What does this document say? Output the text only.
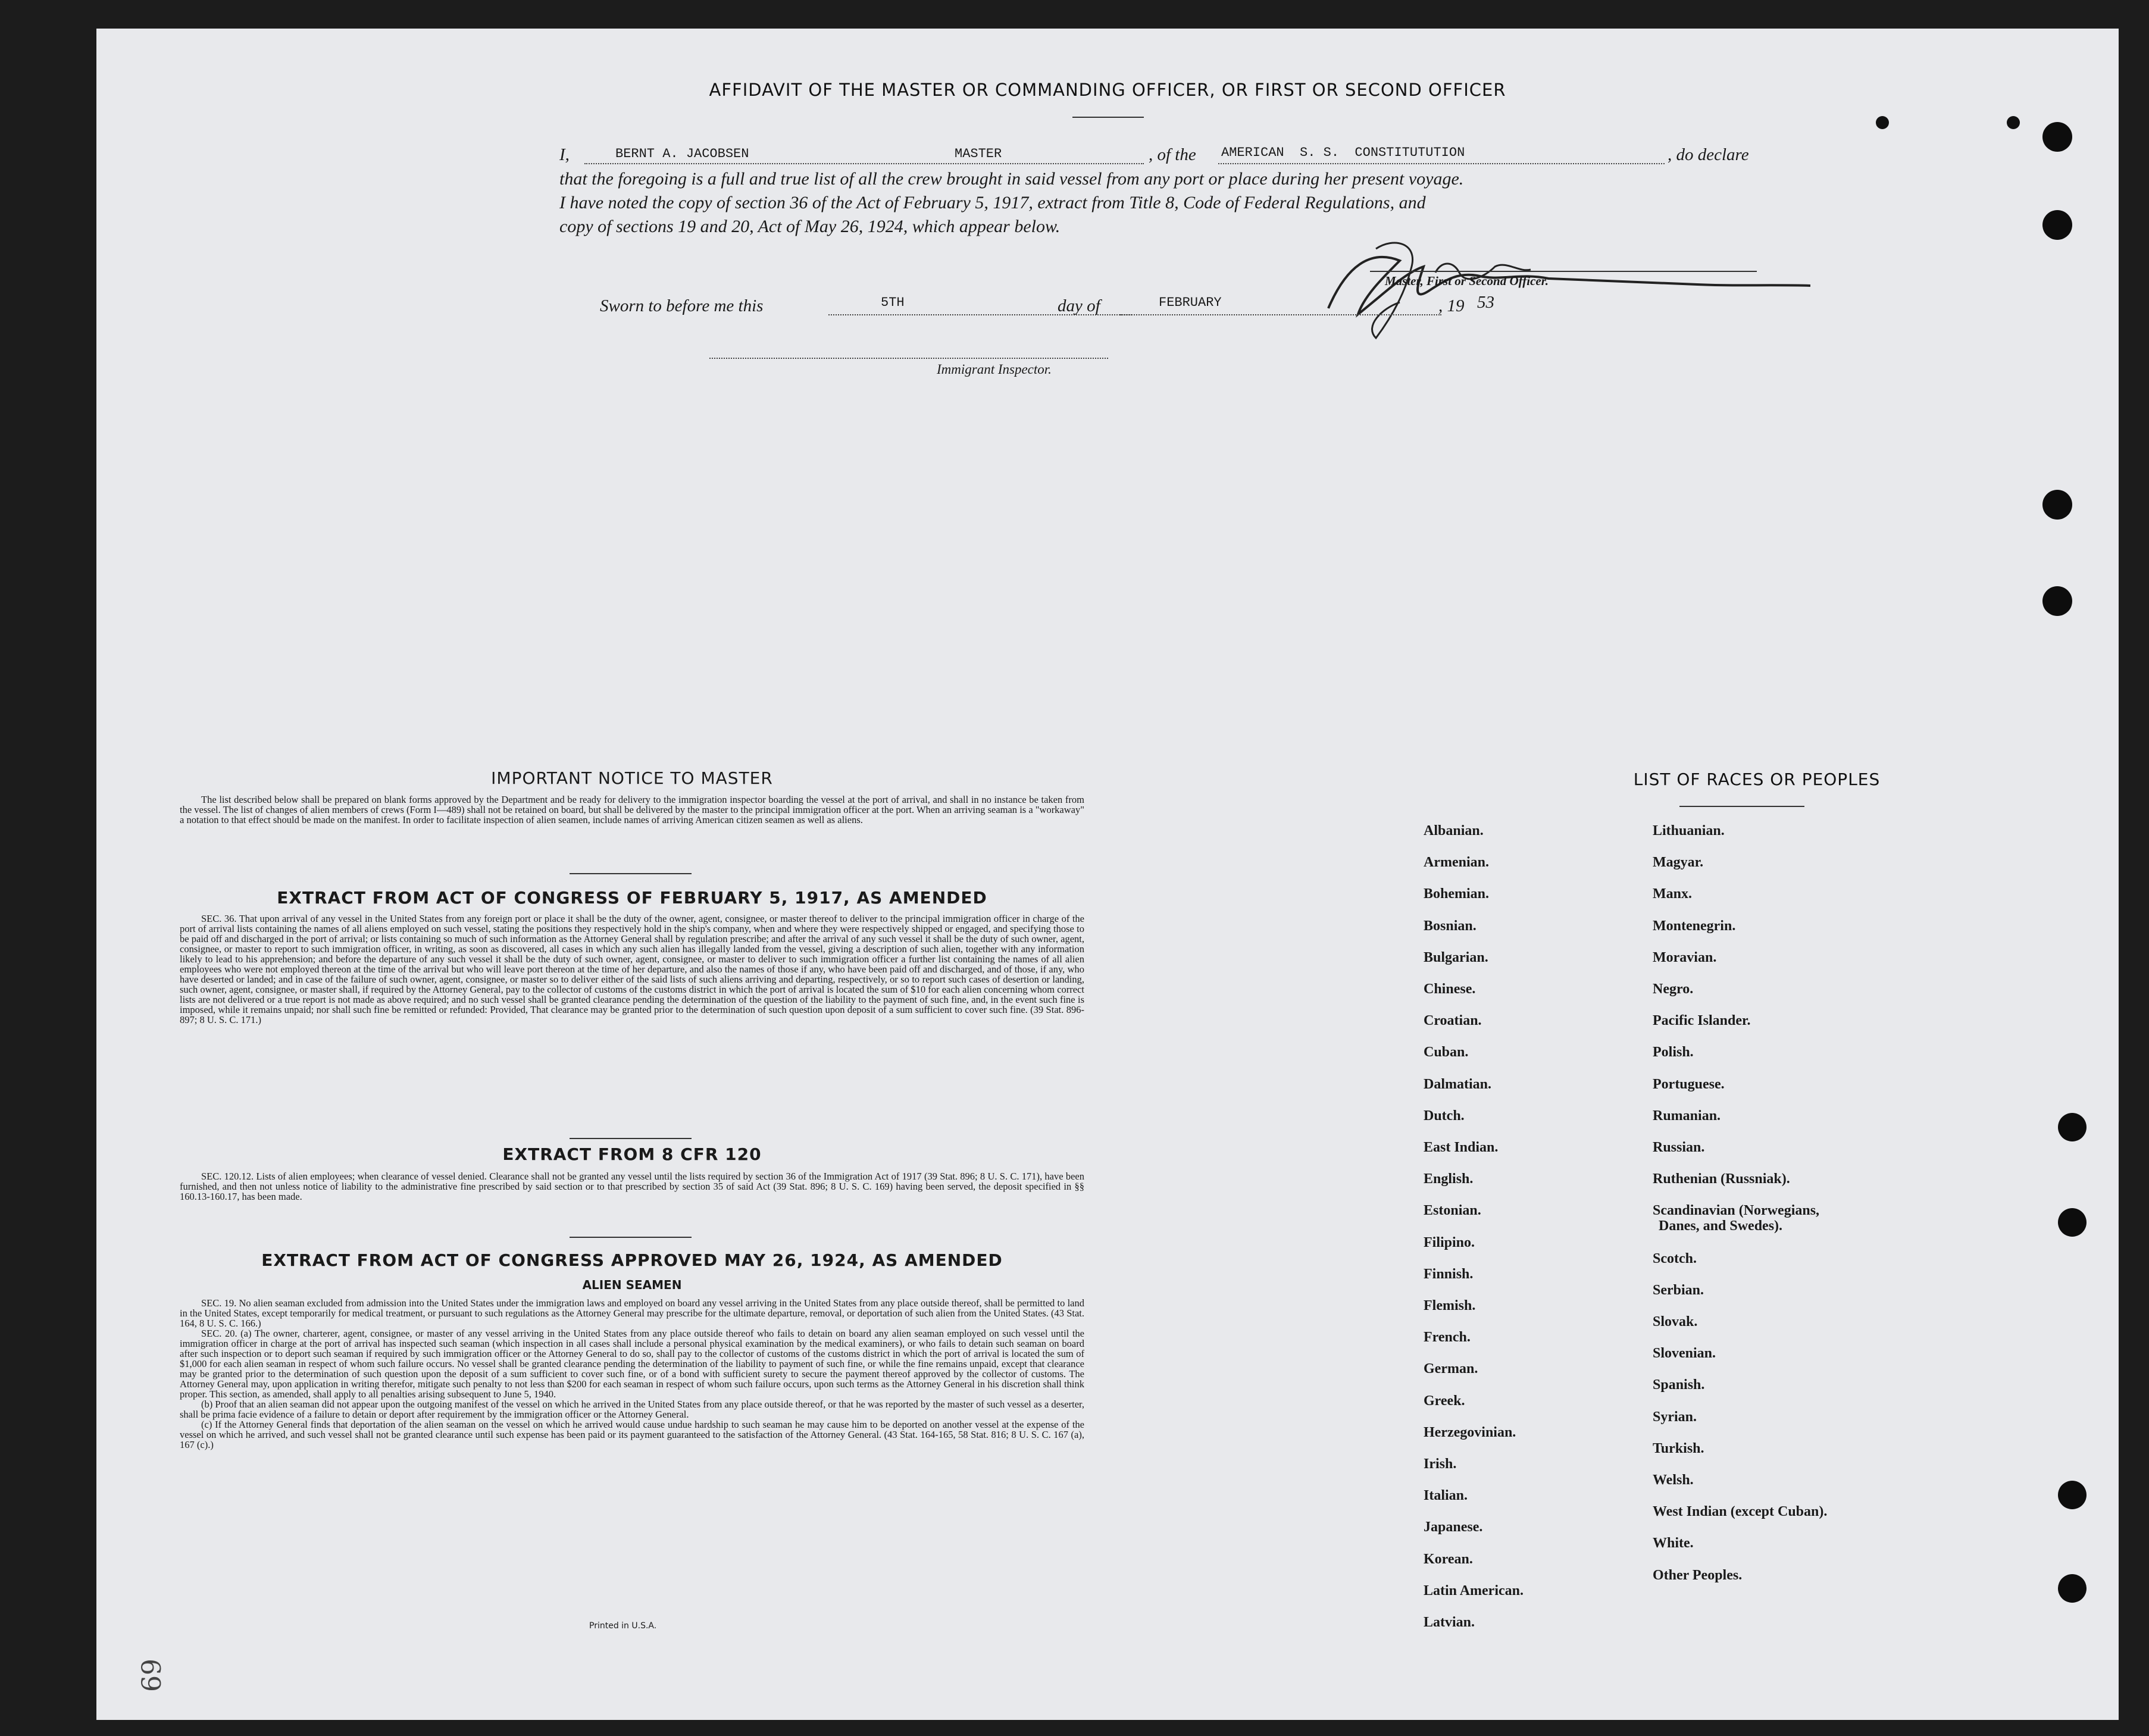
AFFIDAVIT OF THE MASTER OR COMMANDING OFFICER, OR FIRST OR SECOND OFFICER
I,	BERNT A. JACOBSEN	MASTER	, of the AMERICAN  S. S.  CONSTITUTUTION	, do declare
that the foregoing is a full and true list of all the crew brought in said vessel from any port or place during her present voyage.
I have noted the copy of section 36 of the Act of February 5, 1917, extract from Title 8, Code of Federal Regulations, and
copy of sections 19 and 20, Act of May 26, 1924, which appear below.
Master, First or Second Officer.
Sworn to before me this	5TH	day of	FEBRUARY	, 19 53
Immigrant Inspector.
IMPORTANT NOTICE TO MASTER

The list described below shall be prepared on blank forms approved by the Department and be ready for delivery to the immigration inspector boarding the vessel at the port of arrival, and shall in no instance be taken from the vessel. The list of changes of alien members of crews (Form I—489) shall not be retained on board, but shall be delivered by the master to the principal immigration officer at the port. When an arriving seaman is a "workaway" a notation to that effect should be made on the manifest. In order to facilitate inspection of alien seamen, include names of arriving American citizen seamen as well as aliens.

EXTRACT FROM ACT OF CONGRESS OF FEBRUARY 5, 1917, AS AMENDED

SEC. 36. That upon arrival of any vessel in the United States from any foreign port or place it shall be the duty of the owner, agent, consignee, or master thereof to deliver to the principal immigration officer in charge of the port of arrival lists containing the names of all aliens employed on such vessel, stating the positions they respectively hold in the ship's company, when and where they were respectively shipped or engaged, and specifying those to be paid off and discharged in the port of arrival; or lists containing so much of such information as the Attorney General shall by regulation prescribe; and after the arrival of any such vessel it shall be the duty of such owner, agent, consignee, or master to report to such immigration officer, in writing, as soon as discovered, all cases in which any such alien has illegally landed from the vessel, giving a description of such alien, together with any information likely to lead to his apprehension; and before the departure of any such vessel it shall be the duty of such owner, agent, consignee, or master to deliver to such immigration officer a further list containing the names of all alien employees who were not employed thereon at the time of the arrival but who will leave port thereon at the time of her departure, and also the names of those if any, who have been paid off and discharged, and of those, if any, who have deserted or landed; and in case of the failure of such owner, agent, consignee, or master so to deliver either of the said lists of such aliens arriving and departing, respectively, or so to report such cases of desertion or landing, such owner, agent, consignee, or master shall, if required by the Attorney General, pay to the collector of customs of the customs district in which the port of arrival is located the sum of $10 for each alien concerning whom correct lists are not delivered or a true report is not made as above required; and no such vessel shall be granted clearance pending the determination of the question of the liability to the payment of such fine, and, in the event such fine is imposed, while it remains unpaid; nor shall such fine be remitted or refunded: Provided, That clearance may be granted prior to the determination of such question upon deposit of a sum sufficient to cover such fine. (39 Stat. 896-897; 8 U. S. C. 171.)

EXTRACT FROM 8 CFR 120

SEC. 120.12. Lists of alien employees; when clearance of vessel denied. Clearance shall not be granted any vessel until the lists required by section 36 of the Immigration Act of 1917 (39 Stat. 896; 8 U. S. C. 171), have been furnished, and then not unless notice of liability to the administrative fine prescribed by said section or to that prescribed by section 35 of said Act (39 Stat. 896; 8 U. S. C. 169) having been served, the deposit specified in §§ 160.13-160.17, has been made.

EXTRACT FROM ACT OF CONGRESS APPROVED MAY 26, 1924, AS AMENDED
ALIEN SEAMEN

SEC. 19. No alien seaman excluded from admission into the United States under the immigration laws and employed on board any vessel arriving in the United States from any place outside thereof, shall be permitted to land in the United States, except temporarily for medical treatment, or pursuant to such regulations as the Attorney General may prescribe for the ultimate departure, removal, or deportation of such alien from the United States. (43 Stat. 164, 8 U. S. C. 166.)

SEC. 20. (a) The owner, charterer, agent, consignee, or master of any vessel arriving in the United States from any place outside thereof who fails to detain on board any alien seaman employed on such vessel until the immigration officer in charge at the port of arrival has inspected such seaman (which inspection in all cases shall include a personal physical examination by the medical examiners), or who fails to detain such seaman on board after such inspection or to deport such seaman if required by such immigration officer or the Attorney General to do so, shall pay to the collector of customs of the customs district in which the port of arrival is located the sum of $1,000 for each alien seaman in respect of whom such failure occurs. No vessel shall be granted clearance pending the determination of the liability to payment of such fine, or while the fine remains unpaid, except that clearance may be granted prior to the determination of such question upon the deposit of a sum sufficient to cover such fine, or of a bond with sufficient surety to secure the payment thereof approved by the collector of customs. The Attorney General may, upon application in writing therefor, mitigate such penalty to not less than $200 for each seaman in respect of whom such failure occurs, upon such terms as the Attorney General in his discretion shall think proper. This section, as amended, shall apply to all penalties arising subsequent to June 5, 1940.

(b) Proof that an alien seaman did not appear upon the outgoing manifest of the vessel on which he arrived in the United States from any place outside thereof, or that he was reported by the master of such vessel as a deserter, shall be prima facie evidence of a failure to detain or deport after requirement by the immigration officer or the Attorney General.

(c) If the Attorney General finds that deportation of the alien seaman on the vessel on which he arrived would cause undue hardship to such seaman he may cause him to be deported on another vessel at the expense of the vessel on which he arrived, and such vessel shall not be granted clearance until such expense has been paid or its payment guaranteed to the satisfaction of the Attorney General. (43 Stat. 164-165, 58 Stat. 816; 8 U. S. C. 167 (a), 167 (c).)

Printed in U.S.A.
LIST OF RACES OR PEOPLES
Albanian.
Armenian.
Bohemian.
Bosnian.
Bulgarian.
Chinese.
Croatian.
Cuban.
Dalmatian.
Dutch.
East Indian.
English.
Estonian.
Filipino.
Finnish.
Flemish.
French.
German.
Greek.
Herzegovinian.
Irish.
Italian.
Japanese.
Korean.
Latin American.
Latvian.
Lithuanian.
Magyar.
Manx.
Montenegrin.
Moravian.
Negro.
Pacific Islander.
Polish.
Portuguese.
Rumanian.
Russian.
Ruthenian (Russniak).
Scandinavian (Norwegians,
Danes, and Swedes).
Scotch.
Serbian.
Slovak.
Slovenian.
Spanish.
Syrian.
Turkish.
Welsh.
West Indian (except Cuban).
White.
Other Peoples.
69
